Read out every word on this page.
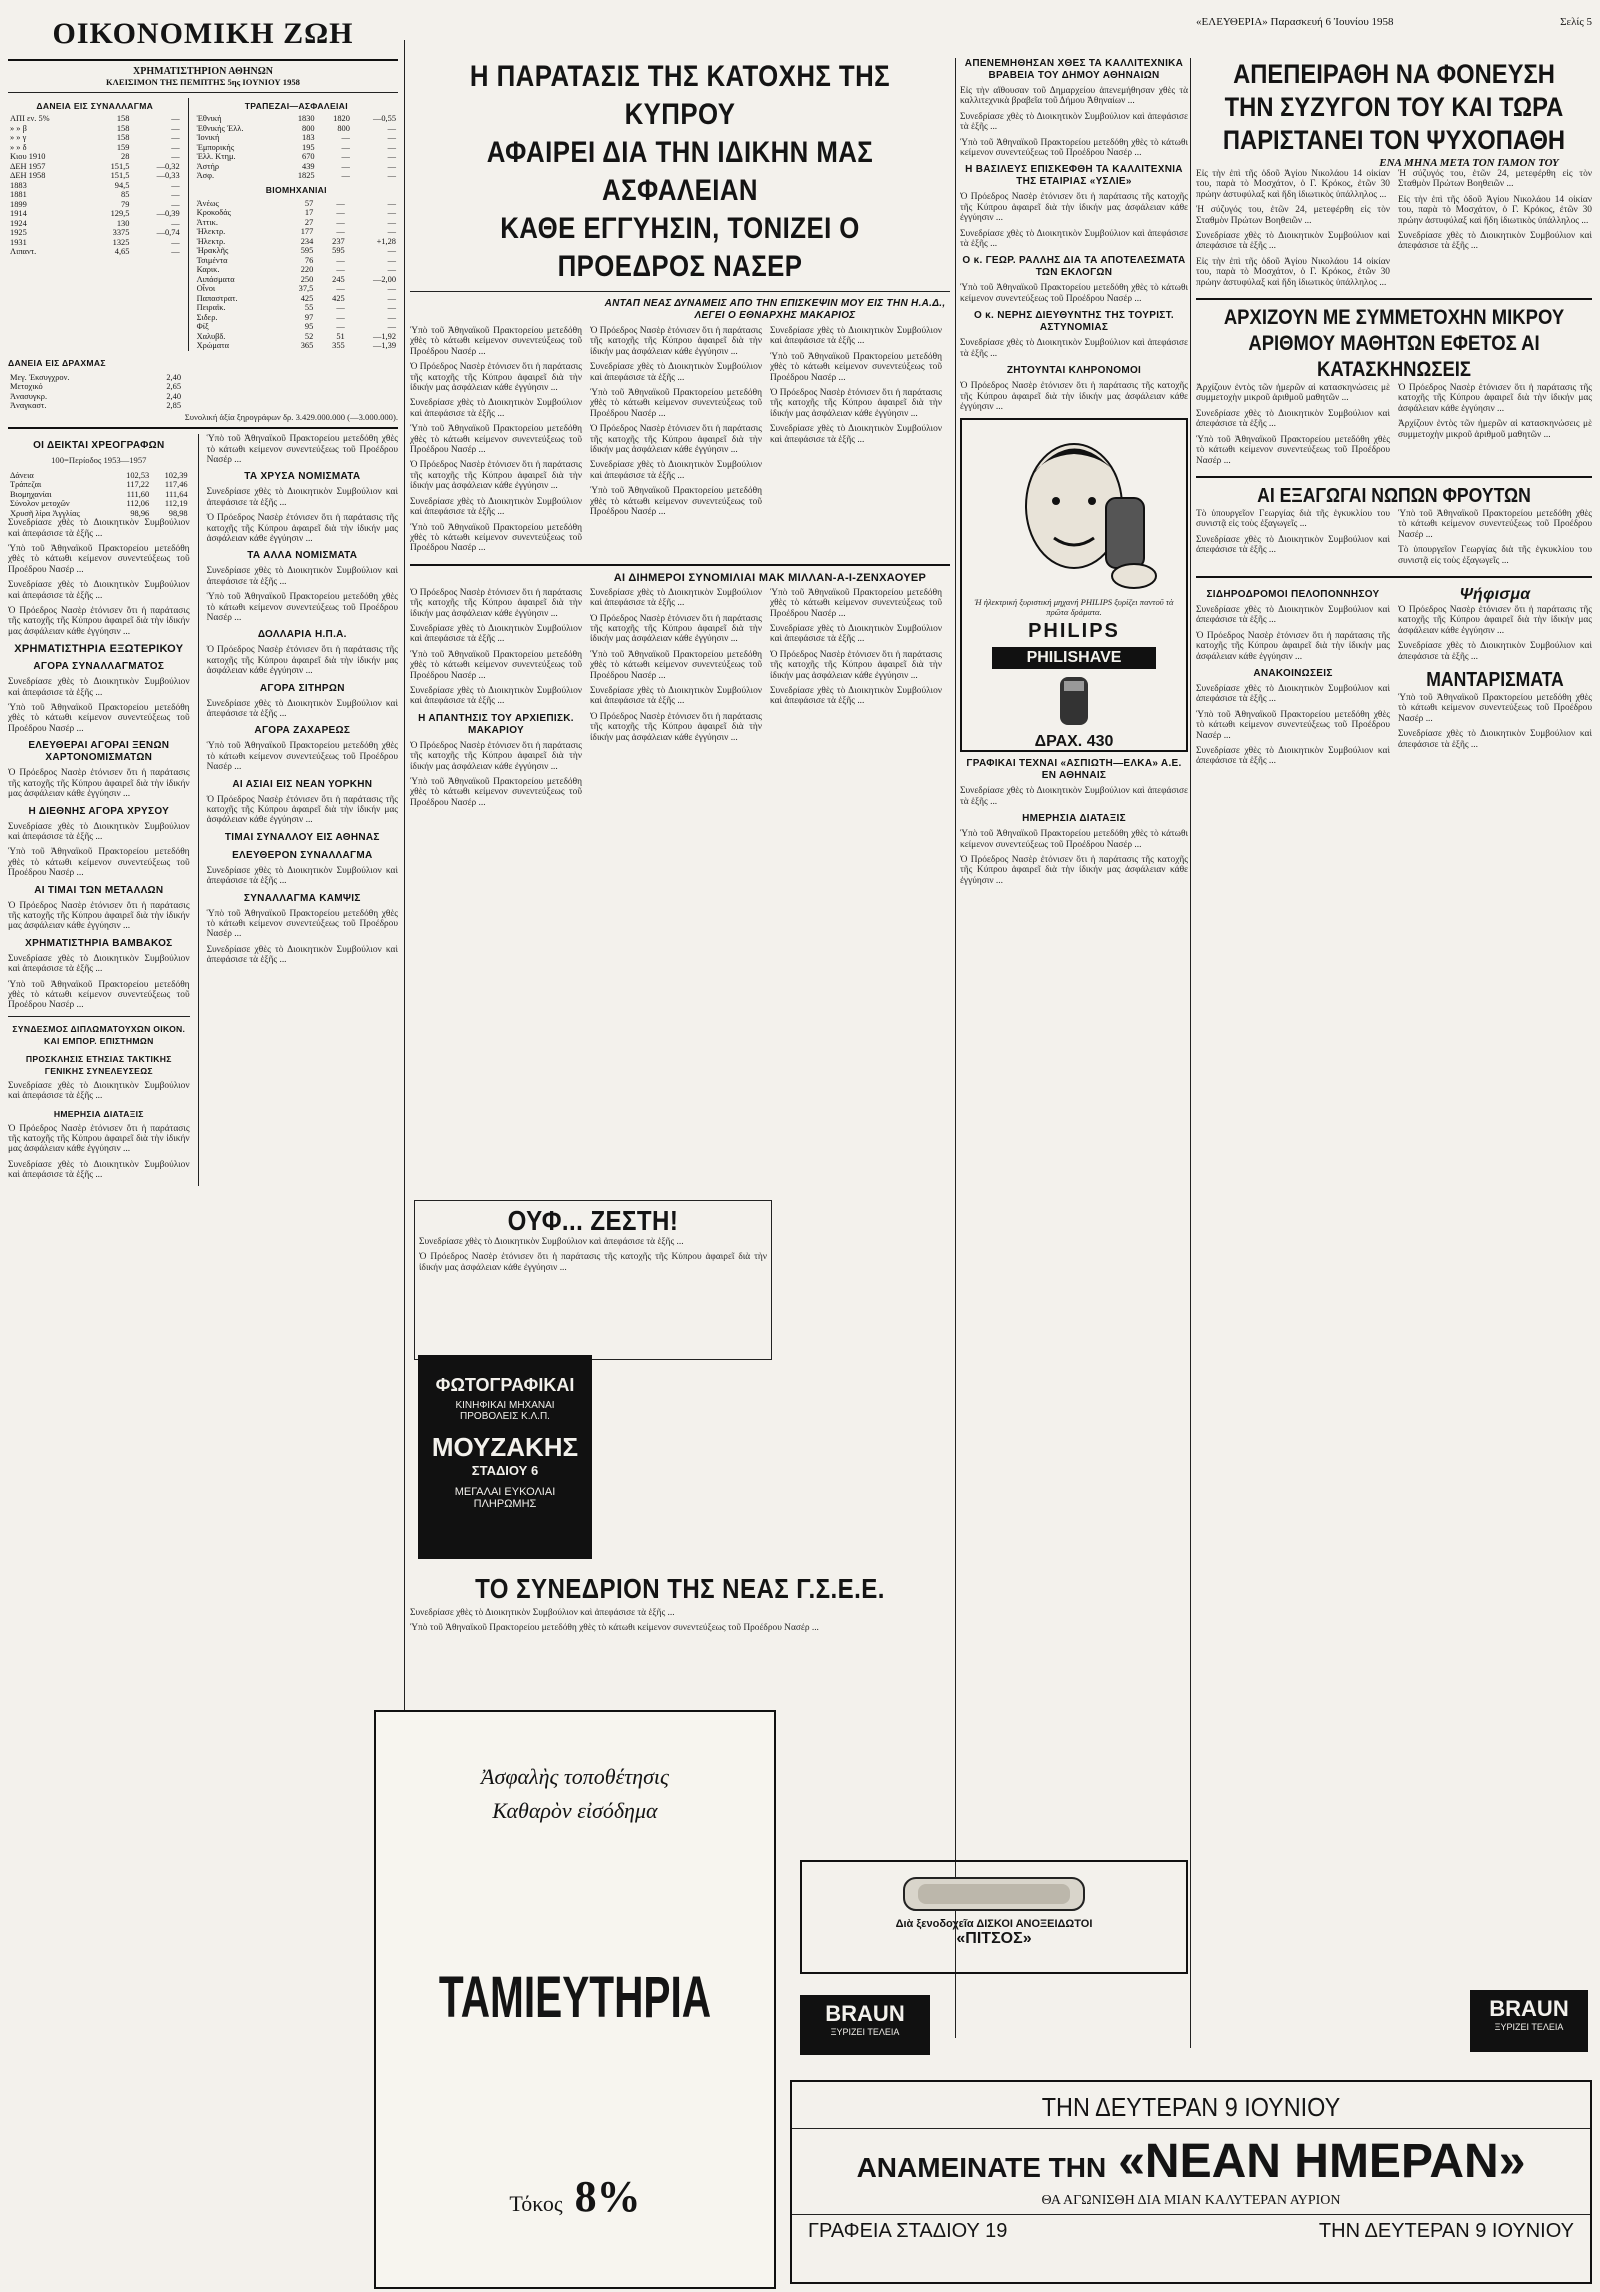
ΟΙΚΟΝΟΜΙΚΗ ΖΩΗ
ΧΡΗΜΑΤΙΣΤΗΡΙΟΝ ΑΘΗΝΩΝ
ΚΛΕΙΣΙΜΟΝ ΤΗΣ ΠΕΜΠΤΗΣ 5ης ΙΟΥΝΙΟΥ 1958
ΔΑΝΕΙΑ ΕΙΣ ΣΥΝΑΛΛΑΓΜΑ
ΑΠΙ εν. 5%	158	—
» » β	158	—
» » γ	158	—
» » δ	159	—
Κιου 1910	28	—
ΔΕΗ 1957	151,5	—0,32
ΔΕΗ 1958	151,5	—0,33
1883	94,5	—
1881	85	—
1899	79	—
1914	129,5	—0,39
1924	130	—
1925	3375	—0,74
1931	1325	—
Λιπαντ.	4,65	—
ΤΡΑΠΕΖΑΙ—ΑΣΦΑΛΕΙΑΙ
Ἐθνική	1830	1820	—0,55
Ἐθνικής Ἑλλ.	800	800	—
Ἰονική	183	—	—
Ἐμπορικής	195	—	—
Ἐλλ. Κτημ.	670	—	—
Ἀστήρ	439	—	—
Ἀσφ.	1825	—	—
ΒΙΟΜΗΧΑΝΙΑΙ
Ἀνέως	57	—	—
Κροκοδάς	17	—	—
Ἀττικ.	27	—	—
Ἠλεκτρ.	177	—	—
Ἠλεκτρ.	234	237	+1,28
Ἠρακλῆς	595	595	—
Τσιμέντα	76	—	—
Καρικ.	220	—	—
Λιπάσματα	250	245	—2,00
Οἶνοι	37,5	—	—
Παπαστρατ.	425	425	—
Πειραϊκ.	55	—	—
Σιδερ.	97	—	—
Φίξ	95	—	—
Χαλυβδ.	52	51	—1,92
Χρώματα	365	355	—1,39
ΔΑΝΕΙΑ ΕΙΣ ΔΡΑΧΜΑΣ
Μεγ. Ἐκσυγχρον.	2,40
Μετοχικό	2,65
Ἀνασυγκρ.	2,40
Ἀναγκαστ.	2,85
Συνολική ἀξία ξηρογράφων δρ. 3.429.000.000 (—3.000.000).
ΟΙ ΔΕΙΚΤΑΙ ΧΡΕΟΓΡΑΦΩΝ
100=Περίοδος 1953—1957
Δάνεια	102,53	102,39
Τράπεζαι	117,22	117,46
Βιομηχανίαι	111,60	111,64
Σύνολον μετοχῶν	112,06	112,19
Χρυσῆ λίρα Ἀγγλίας	98,96	98,98
Συνεδρίασε χθὲς τὸ Διοικητικὸν Συμβούλιον καὶ ἀπεφάσισε τὰ ἑξῆς ...
Ὑπὸ τοῦ Ἀθηναϊκοῦ Πρακτορείου μετεδόθη χθὲς τὸ κάτωθι κείμενον συνεντεύξεως τοῦ Προέδρου Νασέρ ...
Συνεδρίασε χθὲς τὸ Διοικητικὸν Συμβούλιον καὶ ἀπεφάσισε τὰ ἑξῆς ...
Ὁ Πρόεδρος Νασὲρ ἐτόνισεν ὅτι ἡ παράτασις τῆς κατοχῆς τῆς Κύπρου ἀφαιρεῖ διὰ τὴν ἰδικήν μας ἀσφάλειαν κάθε ἐγγύησιν ...
ΧΡΗΜΑΤΙΣΤΗΡΙΑ ΕΞΩΤΕΡΙΚΟΥ
ΑΓΟΡΑ ΣΥΝΑΛΛΑΓΜΑΤΟΣ
Συνεδρίασε χθὲς τὸ Διοικητικὸν Συμβούλιον καὶ ἀπεφάσισε τὰ ἑξῆς ...
Ὑπὸ τοῦ Ἀθηναϊκοῦ Πρακτορείου μετεδόθη χθὲς τὸ κάτωθι κείμενον συνεντεύξεως τοῦ Προέδρου Νασέρ ...
ΕΛΕΥΘΕΡΑΙ ΑΓΟΡΑΙ ΞΕΝΩΝ ΧΑΡΤΟΝΟΜΙΣΜΑΤΩΝ
Ὁ Πρόεδρος Νασὲρ ἐτόνισεν ὅτι ἡ παράτασις τῆς κατοχῆς τῆς Κύπρου ἀφαιρεῖ διὰ τὴν ἰδικήν μας ἀσφάλειαν κάθε ἐγγύησιν ...
Η ΔΙΕΘΝΗΣ ΑΓΟΡΑ ΧΡΥΣΟΥ
Συνεδρίασε χθὲς τὸ Διοικητικὸν Συμβούλιον καὶ ἀπεφάσισε τὰ ἑξῆς ...
Ὑπὸ τοῦ Ἀθηναϊκοῦ Πρακτορείου μετεδόθη χθὲς τὸ κάτωθι κείμενον συνεντεύξεως τοῦ Προέδρου Νασέρ ...
ΑΙ ΤΙΜΑΙ ΤΩΝ ΜΕΤΑΛΛΩΝ
Ὁ Πρόεδρος Νασὲρ ἐτόνισεν ὅτι ἡ παράτασις τῆς κατοχῆς τῆς Κύπρου ἀφαιρεῖ διὰ τὴν ἰδικήν μας ἀσφάλειαν κάθε ἐγγύησιν ...
ΧΡΗΜΑΤΙΣΤΗΡΙΑ ΒΑΜΒΑΚΟΣ
Συνεδρίασε χθὲς τὸ Διοικητικὸν Συμβούλιον καὶ ἀπεφάσισε τὰ ἑξῆς ...
Ὑπὸ τοῦ Ἀθηναϊκοῦ Πρακτορείου μετεδόθη χθὲς τὸ κάτωθι κείμενον συνεντεύξεως τοῦ Προέδρου Νασέρ ...
ΣΥΝΔΕΣΜΟΣ ΔΙΠΛΩΜΑΤΟΥΧΩΝ ΟΙΚΟΝ. ΚΑΙ ΕΜΠΟΡ. ΕΠΙΣΤΗΜΩΝ
ΠΡΟΣΚΛΗΣΙΣ ΕΤΗΣΙΑΣ ΤΑΚΤΙΚΗΣ ΓΕΝΙΚΗΣ ΣΥΝΕΛΕΥΣΕΩΣ
Συνεδρίασε χθὲς τὸ Διοικητικὸν Συμβούλιον καὶ ἀπεφάσισε τὰ ἑξῆς ...
ΗΜΕΡΗΣΙΑ ΔΙΑΤΑΞΙΣ
Ὁ Πρόεδρος Νασὲρ ἐτόνισεν ὅτι ἡ παράτασις τῆς κατοχῆς τῆς Κύπρου ἀφαιρεῖ διὰ τὴν ἰδικήν μας ἀσφάλειαν κάθε ἐγγύησιν ...
Συνεδρίασε χθὲς τὸ Διοικητικὸν Συμβούλιον καὶ ἀπεφάσισε τὰ ἑξῆς ...
Ὑπὸ τοῦ Ἀθηναϊκοῦ Πρακτορείου μετεδόθη χθὲς τὸ κάτωθι κείμενον συνεντεύξεως τοῦ Προέδρου Νασέρ ...
ΤΑ ΧΡΥΣΑ ΝΟΜΙΣΜΑΤΑ
Συνεδρίασε χθὲς τὸ Διοικητικὸν Συμβούλιον καὶ ἀπεφάσισε τὰ ἑξῆς ...
Ὁ Πρόεδρος Νασὲρ ἐτόνισεν ὅτι ἡ παράτασις τῆς κατοχῆς τῆς Κύπρου ἀφαιρεῖ διὰ τὴν ἰδικήν μας ἀσφάλειαν κάθε ἐγγύησιν ...
ΤΑ ΑΛΛΑ ΝΟΜΙΣΜΑΤΑ
Συνεδρίασε χθὲς τὸ Διοικητικὸν Συμβούλιον καὶ ἀπεφάσισε τὰ ἑξῆς ...
Ὑπὸ τοῦ Ἀθηναϊκοῦ Πρακτορείου μετεδόθη χθὲς τὸ κάτωθι κείμενον συνεντεύξεως τοῦ Προέδρου Νασέρ ...
ΔΟΛΛΑΡΙΑ Η.Π.Α.
Ὁ Πρόεδρος Νασὲρ ἐτόνισεν ὅτι ἡ παράτασις τῆς κατοχῆς τῆς Κύπρου ἀφαιρεῖ διὰ τὴν ἰδικήν μας ἀσφάλειαν κάθε ἐγγύησιν ...
ΑΓΟΡΑ ΣΙΤΗΡΩΝ
Συνεδρίασε χθὲς τὸ Διοικητικὸν Συμβούλιον καὶ ἀπεφάσισε τὰ ἑξῆς ...
ΑΓΟΡΑ ΖΑΧΑΡΕΩΣ
Ὑπὸ τοῦ Ἀθηναϊκοῦ Πρακτορείου μετεδόθη χθὲς τὸ κάτωθι κείμενον συνεντεύξεως τοῦ Προέδρου Νασέρ ...
ΑΙ ΑΣΙΑΙ ΕΙΣ ΝΕΑΝ ΥΟΡΚΗΝ
Ὁ Πρόεδρος Νασὲρ ἐτόνισεν ὅτι ἡ παράτασις τῆς κατοχῆς τῆς Κύπρου ἀφαιρεῖ διὰ τὴν ἰδικήν μας ἀσφάλειαν κάθε ἐγγύησιν ...
ΤΙΜΑΙ ΣΥΝΑΛΛΟΥ ΕΙΣ ΑΘΗΝΑΣ
ΕΛΕΥΘΕΡΟΝ ΣΥΝΑΛΛΑΓΜΑ
Συνεδρίασε χθὲς τὸ Διοικητικὸν Συμβούλιον καὶ ἀπεφάσισε τὰ ἑξῆς ...
ΣΥΝΑΛΛΑΓΜΑ ΚΑΜΨΙΣ
Ὑπὸ τοῦ Ἀθηναϊκοῦ Πρακτορείου μετεδόθη χθὲς τὸ κάτωθι κείμενον συνεντεύξεως τοῦ Προέδρου Νασέρ ...
Συνεδρίασε χθὲς τὸ Διοικητικὸν Συμβούλιον καὶ ἀπεφάσισε τὰ ἑξῆς ...
Η ΠΑΡΑΤΑΣΙΣ ΤΗΣ ΚΑΤΟΧΗΣ ΤΗΣ ΚΥΠΡΟΥ
ΑΦΑΙΡΕΙ ΔΙΑ ΤΗΝ ΙΔΙΚΗΝ ΜΑΣ ΑΣΦΑΛΕΙΑΝ
ΚΑΘΕ ΕΓΓΥΗΣΙΝ, ΤΟΝΙΖΕΙ Ο ΠΡΟΕΔΡΟΣ ΝΑΣΕΡ
ΑΝΤΑΠ ΝΕΑΣ ΔΥΝΑΜΕΙΣ ΑΠΟ ΤΗΝ ΕΠΙΣΚΕΨΙΝ ΜΟΥ ΕΙΣ ΤΗΝ Η.Α.Δ., ΛΕΓΕΙ Ο ΕΘΝΑΡΧΗΣ ΜΑΚΑΡΙΟΣ
Ὑπὸ τοῦ Ἀθηναϊκοῦ Πρακτορείου μετεδόθη χθὲς τὸ κάτωθι κείμενον συνεντεύξεως τοῦ Προέδρου Νασέρ ...
Ὁ Πρόεδρος Νασὲρ ἐτόνισεν ὅτι ἡ παράτασις τῆς κατοχῆς τῆς Κύπρου ἀφαιρεῖ διὰ τὴν ἰδικήν μας ἀσφάλειαν κάθε ἐγγύησιν ...
Συνεδρίασε χθὲς τὸ Διοικητικὸν Συμβούλιον καὶ ἀπεφάσισε τὰ ἑξῆς ...
Ὑπὸ τοῦ Ἀθηναϊκοῦ Πρακτορείου μετεδόθη χθὲς τὸ κάτωθι κείμενον συνεντεύξεως τοῦ Προέδρου Νασέρ ...
Ὁ Πρόεδρος Νασὲρ ἐτόνισεν ὅτι ἡ παράτασις τῆς κατοχῆς τῆς Κύπρου ἀφαιρεῖ διὰ τὴν ἰδικήν μας ἀσφάλειαν κάθε ἐγγύησιν ...
Συνεδρίασε χθὲς τὸ Διοικητικὸν Συμβούλιον καὶ ἀπεφάσισε τὰ ἑξῆς ...
Ὑπὸ τοῦ Ἀθηναϊκοῦ Πρακτορείου μετεδόθη χθὲς τὸ κάτωθι κείμενον συνεντεύξεως τοῦ Προέδρου Νασέρ ...
Ὁ Πρόεδρος Νασὲρ ἐτόνισεν ὅτι ἡ παράτασις τῆς κατοχῆς τῆς Κύπρου ἀφαιρεῖ διὰ τὴν ἰδικήν μας ἀσφάλειαν κάθε ἐγγύησιν ...
Συνεδρίασε χθὲς τὸ Διοικητικὸν Συμβούλιον καὶ ἀπεφάσισε τὰ ἑξῆς ...
Ὑπὸ τοῦ Ἀθηναϊκοῦ Πρακτορείου μετεδόθη χθὲς τὸ κάτωθι κείμενον συνεντεύξεως τοῦ Προέδρου Νασέρ ...
Ὁ Πρόεδρος Νασὲρ ἐτόνισεν ὅτι ἡ παράτασις τῆς κατοχῆς τῆς Κύπρου ἀφαιρεῖ διὰ τὴν ἰδικήν μας ἀσφάλειαν κάθε ἐγγύησιν ...
Συνεδρίασε χθὲς τὸ Διοικητικὸν Συμβούλιον καὶ ἀπεφάσισε τὰ ἑξῆς ...
Ὑπὸ τοῦ Ἀθηναϊκοῦ Πρακτορείου μετεδόθη χθὲς τὸ κάτωθι κείμενον συνεντεύξεως τοῦ Προέδρου Νασέρ ...
Συνεδρίασε χθὲς τὸ Διοικητικὸν Συμβούλιον καὶ ἀπεφάσισε τὰ ἑξῆς ...
Ὑπὸ τοῦ Ἀθηναϊκοῦ Πρακτορείου μετεδόθη χθὲς τὸ κάτωθι κείμενον συνεντεύξεως τοῦ Προέδρου Νασέρ ...
Ὁ Πρόεδρος Νασὲρ ἐτόνισεν ὅτι ἡ παράτασις τῆς κατοχῆς τῆς Κύπρου ἀφαιρεῖ διὰ τὴν ἰδικήν μας ἀσφάλειαν κάθε ἐγγύησιν ...
Συνεδρίασε χθὲς τὸ Διοικητικὸν Συμβούλιον καὶ ἀπεφάσισε τὰ ἑξῆς ...
ΑΙ ΔΙΗΜΕΡΟΙ ΣΥΝΟΜΙΛΙΑΙ ΜΑΚ ΜΙΛΛΑΝ-Α-Ι-ΖΕΝΧΑΟΥΕΡ
Ὁ Πρόεδρος Νασὲρ ἐτόνισεν ὅτι ἡ παράτασις τῆς κατοχῆς τῆς Κύπρου ἀφαιρεῖ διὰ τὴν ἰδικήν μας ἀσφάλειαν κάθε ἐγγύησιν ...
Συνεδρίασε χθὲς τὸ Διοικητικὸν Συμβούλιον καὶ ἀπεφάσισε τὰ ἑξῆς ...
Ὑπὸ τοῦ Ἀθηναϊκοῦ Πρακτορείου μετεδόθη χθὲς τὸ κάτωθι κείμενον συνεντεύξεως τοῦ Προέδρου Νασέρ ...
Συνεδρίασε χθὲς τὸ Διοικητικὸν Συμβούλιον καὶ ἀπεφάσισε τὰ ἑξῆς ...
Η ΑΠΑΝΤΗΣΙΣ ΤΟΥ ΑΡΧΙΕΠΙΣΚ. ΜΑΚΑΡΙΟΥ
Ὁ Πρόεδρος Νασὲρ ἐτόνισεν ὅτι ἡ παράτασις τῆς κατοχῆς τῆς Κύπρου ἀφαιρεῖ διὰ τὴν ἰδικήν μας ἀσφάλειαν κάθε ἐγγύησιν ...
Ὑπὸ τοῦ Ἀθηναϊκοῦ Πρακτορείου μετεδόθη χθὲς τὸ κάτωθι κείμενον συνεντεύξεως τοῦ Προέδρου Νασέρ ...
Συνεδρίασε χθὲς τὸ Διοικητικὸν Συμβούλιον καὶ ἀπεφάσισε τὰ ἑξῆς ...
Ὁ Πρόεδρος Νασὲρ ἐτόνισεν ὅτι ἡ παράτασις τῆς κατοχῆς τῆς Κύπρου ἀφαιρεῖ διὰ τὴν ἰδικήν μας ἀσφάλειαν κάθε ἐγγύησιν ...
Ὑπὸ τοῦ Ἀθηναϊκοῦ Πρακτορείου μετεδόθη χθὲς τὸ κάτωθι κείμενον συνεντεύξεως τοῦ Προέδρου Νασέρ ...
Συνεδρίασε χθὲς τὸ Διοικητικὸν Συμβούλιον καὶ ἀπεφάσισε τὰ ἑξῆς ...
Ὁ Πρόεδρος Νασὲρ ἐτόνισεν ὅτι ἡ παράτασις τῆς κατοχῆς τῆς Κύπρου ἀφαιρεῖ διὰ τὴν ἰδικήν μας ἀσφάλειαν κάθε ἐγγύησιν ...
Ὑπὸ τοῦ Ἀθηναϊκοῦ Πρακτορείου μετεδόθη χθὲς τὸ κάτωθι κείμενον συνεντεύξεως τοῦ Προέδρου Νασέρ ...
Συνεδρίασε χθὲς τὸ Διοικητικὸν Συμβούλιον καὶ ἀπεφάσισε τὰ ἑξῆς ...
Ὁ Πρόεδρος Νασὲρ ἐτόνισεν ὅτι ἡ παράτασις τῆς κατοχῆς τῆς Κύπρου ἀφαιρεῖ διὰ τὴν ἰδικήν μας ἀσφάλειαν κάθε ἐγγύησιν ...
Συνεδρίασε χθὲς τὸ Διοικητικὸν Συμβούλιον καὶ ἀπεφάσισε τὰ ἑξῆς ...
ΟΥΦ... ΖΕΣΤΗ!
Συνεδρίασε χθὲς τὸ Διοικητικὸν Συμβούλιον καὶ ἀπεφάσισε τὰ ἑξῆς ...
Ὁ Πρόεδρος Νασὲρ ἐτόνισεν ὅτι ἡ παράτασις τῆς κατοχῆς τῆς Κύπρου ἀφαιρεῖ διὰ τὴν ἰδικήν μας ἀσφάλειαν κάθε ἐγγύησιν ...
ΦΩΤΟΓΡΑΦΙΚΑΙ
ΚΙΝΗΦΙΚΑΙ ΜΗΧΑΝΑΙ ΠΡΟΒΟΛΕΙΣ Κ.Λ.Π.
ΜΟΥΖΑΚΗΣ
ΣΤΑΔΙΟΥ 6
ΜΕΓΑΛΑΙ ΕΥΚΟΛΙΑΙ ΠΛΗΡΩΜΗΣ
ΤΟ ΣΥΝΕΔΡΙΟΝ ΤΗΣ ΝΕΑΣ Γ.Σ.Ε.Ε.
Συνεδρίασε χθὲς τὸ Διοικητικὸν Συμβούλιον καὶ ἀπεφάσισε τὰ ἑξῆς ...
Ὑπὸ τοῦ Ἀθηναϊκοῦ Πρακτορείου μετεδόθη χθὲς τὸ κάτωθι κείμενον συνεντεύξεως τοῦ Προέδρου Νασέρ ...
Ἀσφαλὴς τοποθέτησις
Καθαρὸν εἰσόδημα
ΤΑΜΙΕΥΤΗΡΙΑ
Τόκος 8%
ΑΠΕΝΕΜΗΘΗΣΑΝ ΧΘΕΣ ΤΑ ΚΑΛΛΙΤΕΧΝΙΚΑ ΒΡΑΒΕΙΑ ΤΟΥ ΔΗΜΟΥ ΑΘΗΝΑΙΩΝ
Εἰς τὴν αἴθουσαν τοῦ Δημαρχείου ἀπενεμήθησαν χθὲς τὰ καλλιτεχνικὰ βραβεῖα τοῦ Δήμου Ἀθηναίων ...
Συνεδρίασε χθὲς τὸ Διοικητικὸν Συμβούλιον καὶ ἀπεφάσισε τὰ ἑξῆς ...
Ὑπὸ τοῦ Ἀθηναϊκοῦ Πρακτορείου μετεδόθη χθὲς τὸ κάτωθι κείμενον συνεντεύξεως τοῦ Προέδρου Νασέρ ...
Η ΒΑΣΙΛΕΥΣ ΕΠΙΣΚΕΦΘΗ ΤΑ ΚΑΛΛΙΤΕΧΝΙΑ ΤΗΣ ΕΤΑΙΡΙΑΣ «ΥΣΛΙΕ»
Ὁ Πρόεδρος Νασὲρ ἐτόνισεν ὅτι ἡ παράτασις τῆς κατοχῆς τῆς Κύπρου ἀφαιρεῖ διὰ τὴν ἰδικήν μας ἀσφάλειαν κάθε ἐγγύησιν ...
Συνεδρίασε χθὲς τὸ Διοικητικὸν Συμβούλιον καὶ ἀπεφάσισε τὰ ἑξῆς ...
Ο κ. ΓΕΩΡ. ΡΑΛΛΗΣ ΔΙΑ ΤΑ ΑΠΟΤΕΛΕΣΜΑΤΑ ΤΩΝ ΕΚΛΟΓΩΝ
Ὑπὸ τοῦ Ἀθηναϊκοῦ Πρακτορείου μετεδόθη χθὲς τὸ κάτωθι κείμενον συνεντεύξεως τοῦ Προέδρου Νασέρ ...
Ο κ. ΝΕΡΗΣ ΔΙΕΥΘΥΝΤΗΣ ΤΗΣ ΤΟΥΡΙΣΤ. ΑΣΤΥΝΟΜΙΑΣ
Συνεδρίασε χθὲς τὸ Διοικητικὸν Συμβούλιον καὶ ἀπεφάσισε τὰ ἑξῆς ...
ΖΗΤΟΥΝΤΑΙ ΚΛΗΡΟΝΟΜΟΙ
Ὁ Πρόεδρος Νασὲρ ἐτόνισεν ὅτι ἡ παράτασις τῆς κατοχῆς τῆς Κύπρου ἀφαιρεῖ διὰ τὴν ἰδικήν μας ἀσφάλειαν κάθε ἐγγύησιν ...
Ἡ ἠλεκτρική ξυριστική μηχανή PHILIPS ξυρίζει παντοῦ τὰ πρῶτα δράματα.
PHILIPS
PHILISHAVE
ΔΡΑΧ. 430
ΓΡΑΦΙΚΑΙ ΤΕΧΝΑΙ «ΑΣΠΙΩΤΗ—ΕΛΚΑ» Α.Ε. ΕΝ ΑΘΗΝΑΙΣ
Συνεδρίασε χθὲς τὸ Διοικητικὸν Συμβούλιον καὶ ἀπεφάσισε τὰ ἑξῆς ...
ΗΜΕΡΗΣΙΑ ΔΙΑΤΑΞΙΣ
Ὑπὸ τοῦ Ἀθηναϊκοῦ Πρακτορείου μετεδόθη χθὲς τὸ κάτωθι κείμενον συνεντεύξεως τοῦ Προέδρου Νασέρ ...
Ὁ Πρόεδρος Νασὲρ ἐτόνισεν ὅτι ἡ παράτασις τῆς κατοχῆς τῆς Κύπρου ἀφαιρεῖ διὰ τὴν ἰδικήν μας ἀσφάλειαν κάθε ἐγγύησιν ...
Διὰ ξενοδοχεῖα ΔΙΣΚΟΙ ΑΝΟΞΕΙΔΩΤΟΙ
«ΠΙΤΣΟΣ»
BRAUN
ΞΥΡΙΖΕΙ ΤΕΛΕΙΑ
«ΕΛΕΥΘΕΡΙΑ» Παρασκευή 6 Ἰουνίου 1958	Σελίς 5
ΑΠΕΠΕΙΡΑΘΗ ΝΑ ΦΟΝΕΥΣΗ
ΤΗΝ ΣΥΖΥΓΟΝ ΤΟΥ ΚΑΙ ΤΩΡΑ
ΠΑΡΙΣΤΑΝΕΙ ΤΟΝ ΨΥΧΟΠΑΘΗ
ΕΝΑ ΜΗΝΑ ΜΕΤΑ ΤΟΝ ΓΑΜΟΝ ΤΟΥ
Εἰς τὴν ἐπὶ τῆς ὁδοῦ Ἁγίου Νικολάου 14 οἰκίαν του, παρὰ τὸ Μοσχάτον, ὁ Γ. Κρόκος, ἐτῶν 30 πρώην ἀστυφύλαξ καὶ ἤδη ἰδιωτικὸς ὑπάλληλος ...
Ἡ σύζυγός του, ἐτῶν 24, μετεφέρθη εἰς τὸν Σταθμὸν Πρώτων Βοηθειῶν ...
Συνεδρίασε χθὲς τὸ Διοικητικὸν Συμβούλιον καὶ ἀπεφάσισε τὰ ἑξῆς ...
Εἰς τὴν ἐπὶ τῆς ὁδοῦ Ἁγίου Νικολάου 14 οἰκίαν του, παρὰ τὸ Μοσχάτον, ὁ Γ. Κρόκος, ἐτῶν 30 πρώην ἀστυφύλαξ καὶ ἤδη ἰδιωτικὸς ὑπάλληλος ...
Ἡ σύζυγός του, ἐτῶν 24, μετεφέρθη εἰς τὸν Σταθμὸν Πρώτων Βοηθειῶν ...
Εἰς τὴν ἐπὶ τῆς ὁδοῦ Ἁγίου Νικολάου 14 οἰκίαν του, παρὰ τὸ Μοσχάτον, ὁ Γ. Κρόκος, ἐτῶν 30 πρώην ἀστυφύλαξ καὶ ἤδη ἰδιωτικὸς ὑπάλληλος ...
Συνεδρίασε χθὲς τὸ Διοικητικὸν Συμβούλιον καὶ ἀπεφάσισε τὰ ἑξῆς ...
ΑΡΧΙΖΟΥΝ ΜΕ ΣΥΜΜΕΤΟΧΗΝ ΜΙΚΡΟΥ ΑΡΙΘΜΟΥ ΜΑΘΗΤΩΝ ΕΦΕΤΟΣ ΑΙ ΚΑΤΑΣΚΗΝΩΣΕΙΣ
Ἀρχίζουν ἐντὸς τῶν ἡμερῶν αἱ κατασκηνώσεις μὲ συμμετοχὴν μικροῦ ἀριθμοῦ μαθητῶν ...
Συνεδρίασε χθὲς τὸ Διοικητικὸν Συμβούλιον καὶ ἀπεφάσισε τὰ ἑξῆς ...
Ὑπὸ τοῦ Ἀθηναϊκοῦ Πρακτορείου μετεδόθη χθὲς τὸ κάτωθι κείμενον συνεντεύξεως τοῦ Προέδρου Νασέρ ...
Ὁ Πρόεδρος Νασὲρ ἐτόνισεν ὅτι ἡ παράτασις τῆς κατοχῆς τῆς Κύπρου ἀφαιρεῖ διὰ τὴν ἰδικήν μας ἀσφάλειαν κάθε ἐγγύησιν ...
Ἀρχίζουν ἐντὸς τῶν ἡμερῶν αἱ κατασκηνώσεις μὲ συμμετοχὴν μικροῦ ἀριθμοῦ μαθητῶν ...
ΑΙ ΕΞΑΓΩΓΑΙ ΝΩΠΩΝ ΦΡΟΥΤΩΝ
Τὸ ὑπουργεῖον Γεωργίας διὰ τῆς ἐγκυκλίου του συνιστᾷ εἰς τοὺς ἐξαγωγεῖς ...
Συνεδρίασε χθὲς τὸ Διοικητικὸν Συμβούλιον καὶ ἀπεφάσισε τὰ ἑξῆς ...
Ὑπὸ τοῦ Ἀθηναϊκοῦ Πρακτορείου μετεδόθη χθὲς τὸ κάτωθι κείμενον συνεντεύξεως τοῦ Προέδρου Νασέρ ...
Τὸ ὑπουργεῖον Γεωργίας διὰ τῆς ἐγκυκλίου του συνιστᾷ εἰς τοὺς ἐξαγωγεῖς ...
ΣΙΔΗΡΟΔΡΟΜΟΙ ΠΕΛΟΠΟΝΝΗΣΟΥ
Συνεδρίασε χθὲς τὸ Διοικητικὸν Συμβούλιον καὶ ἀπεφάσισε τὰ ἑξῆς ...
Ὁ Πρόεδρος Νασὲρ ἐτόνισεν ὅτι ἡ παράτασις τῆς κατοχῆς τῆς Κύπρου ἀφαιρεῖ διὰ τὴν ἰδικήν μας ἀσφάλειαν κάθε ἐγγύησιν ...
ΑΝΑΚΟΙΝΩΣΕΙΣ
Συνεδρίασε χθὲς τὸ Διοικητικὸν Συμβούλιον καὶ ἀπεφάσισε τὰ ἑξῆς ...
Ὑπὸ τοῦ Ἀθηναϊκοῦ Πρακτορείου μετεδόθη χθὲς τὸ κάτωθι κείμενον συνεντεύξεως τοῦ Προέδρου Νασέρ ...
Συνεδρίασε χθὲς τὸ Διοικητικὸν Συμβούλιον καὶ ἀπεφάσισε τὰ ἑξῆς ...
Ψήφισμα
Ὁ Πρόεδρος Νασὲρ ἐτόνισεν ὅτι ἡ παράτασις τῆς κατοχῆς τῆς Κύπρου ἀφαιρεῖ διὰ τὴν ἰδικήν μας ἀσφάλειαν κάθε ἐγγύησιν ...
Συνεδρίασε χθὲς τὸ Διοικητικὸν Συμβούλιον καὶ ἀπεφάσισε τὰ ἑξῆς ...
ΜΑΝΤΑΡΙΣΜΑΤΑ
Ὑπὸ τοῦ Ἀθηναϊκοῦ Πρακτορείου μετεδόθη χθὲς τὸ κάτωθι κείμενον συνεντεύξεως τοῦ Προέδρου Νασέρ ...
Συνεδρίασε χθὲς τὸ Διοικητικὸν Συμβούλιον καὶ ἀπεφάσισε τὰ ἑξῆς ...
BRAUN
ΞΥΡΙΖΕΙ ΤΕΛΕΙΑ
ΤΗΝ ΔΕΥΤΕΡΑΝ 9 ΙΟΥΝΙΟΥ
ΑΝΑΜΕΙΝΑΤΕ ΤΗΝ «ΝΕΑΝ ΗΜΕΡΑΝ»
ΘΑ ΑΓΩΝΙΣΘΗ ΔΙΑ ΜΙΑΝ ΚΑΛΥΤΕΡΑΝ ΑΥΡΙΟΝ
ΓΡΑΦΕΙΑ ΣΤΑΔΙΟΥ 19	ΤΗΝ ΔΕΥΤΕΡΑΝ 9 ΙΟΥΝΙΟΥ
